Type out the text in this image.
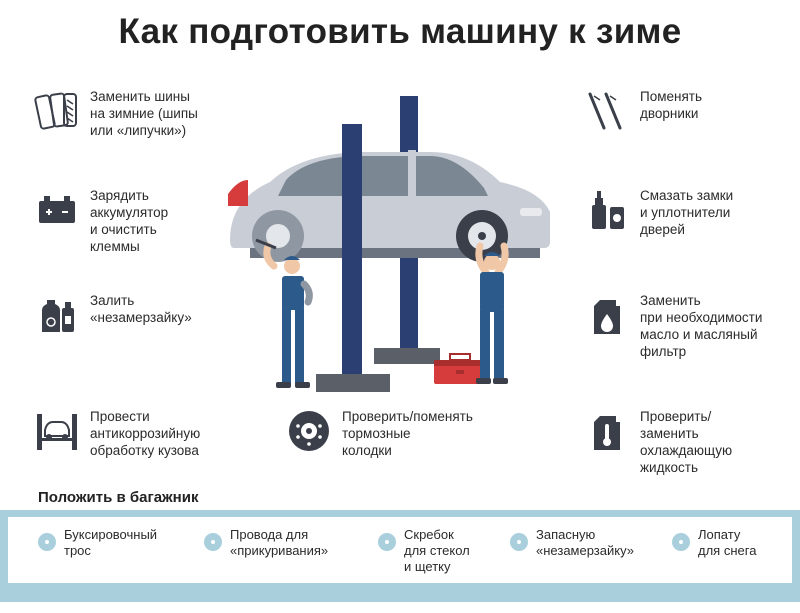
Как подготовить машину к зиме
Заменить шины
на зимние (шипы
или «липучки»)
Зарядить
аккумулятор
и очистить
клеммы
Залить
«незамерзайку»
Провести
антикоррозийную
обработку кузова
Проверить/поменять
тормозные
колодки
Поменять
дворники
Смазать замки
и уплотнители
дверей
Заменить
при необходимости
масло и масляный
фильтр
Проверить/
заменить
охлаждающую
жидкость
Положить в багажник
Буксировочный
трос
Провода для
«прикуривания»
Скребок
для стекол
и щетку
Запасную
«незамерзайку»
Лопату
для снега
